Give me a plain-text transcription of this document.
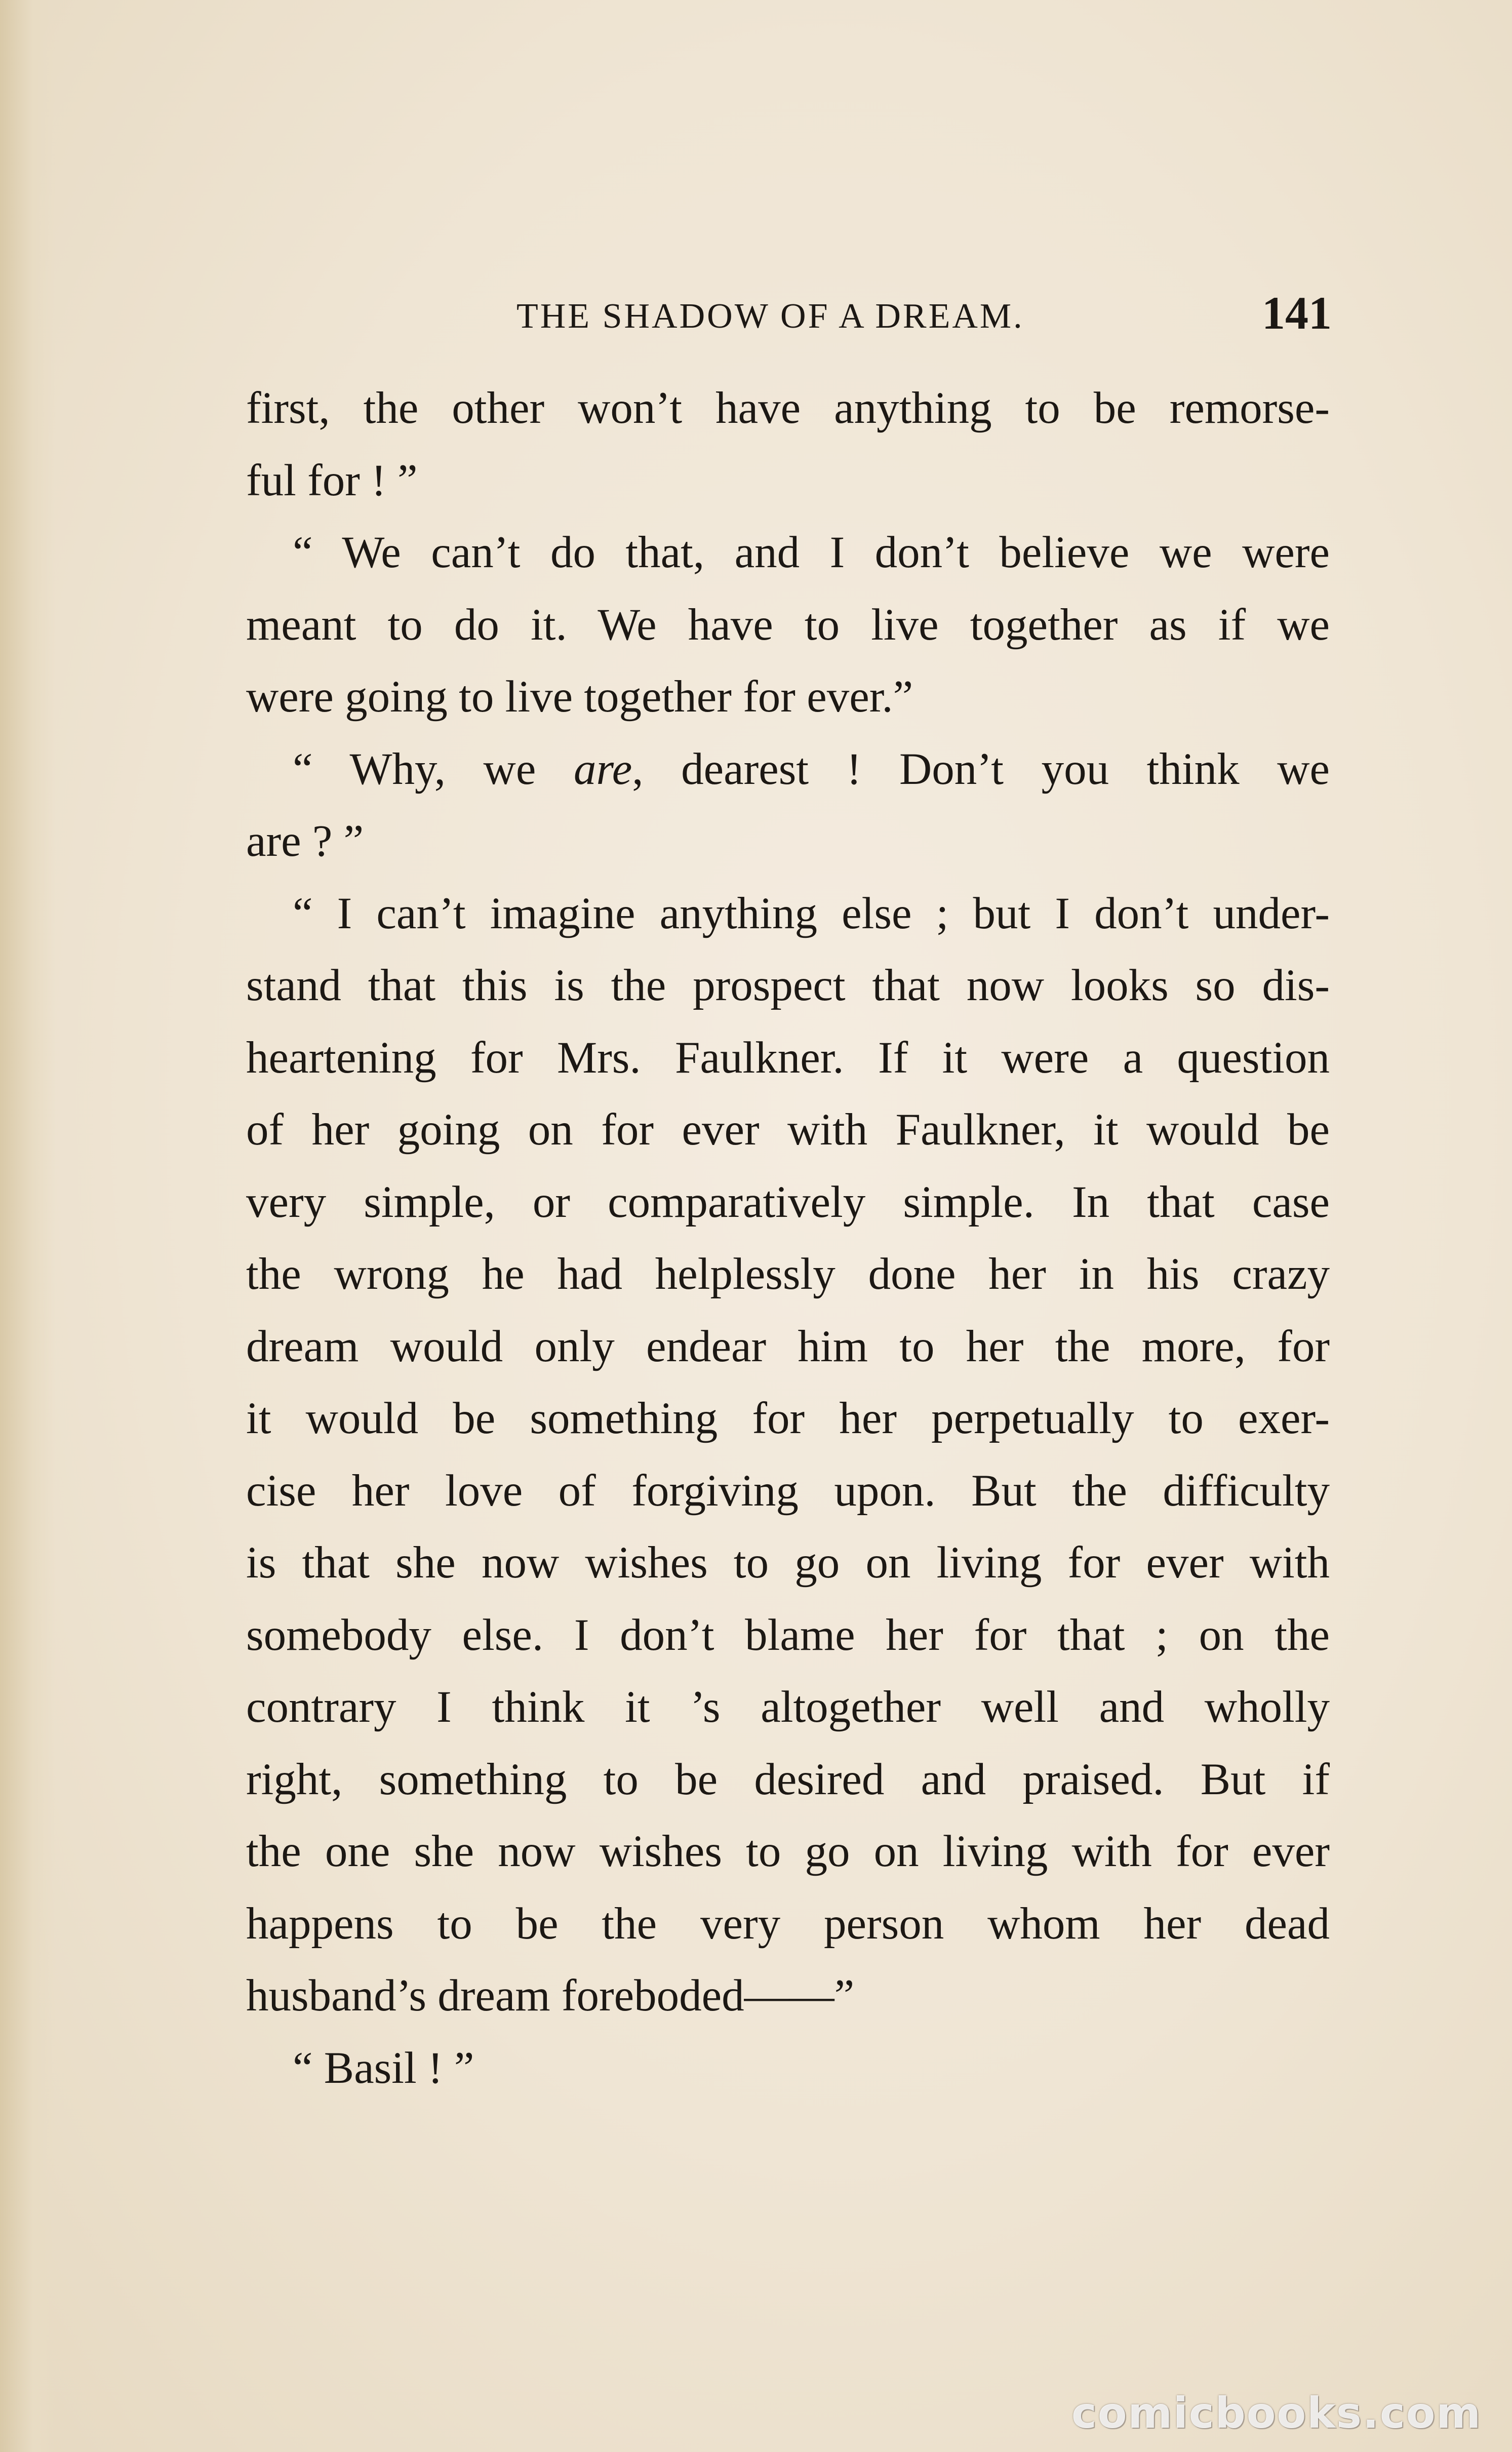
THE SHADOW OF A DREAM.	141
first, the other won’t have anything to be remorse-
ful for ! ”
“ We can’t do that, and I don’t believe we were
meant to do it. We have to live together as if we
were going to live together for ever.”
“ Why, we are, dearest ! Don’t you think we
are ? ”
“ I can’t imagine anything else ; but I don’t under-
stand that this is the prospect that now looks so dis-
heartening for Mrs. Faulkner. If it were a question
of her going on for ever with Faulkner, it would be
very simple, or comparatively simple. In that case
the wrong he had helplessly done her in his crazy
dream would only endear him to her the more, for
it would be something for her perpetually to exer-
cise her love of forgiving upon. But the difficulty
is that she now wishes to go on living for ever with
somebody else. I don’t blame her for that ; on the
contrary I think it ’s altogether well and wholly
right, something to be desired and praised. But if
the one she now wishes to go on living with for ever
happens to be the very person whom her dead
husband’s dream foreboded——”
“ Basil ! ”
comicbooks.com
